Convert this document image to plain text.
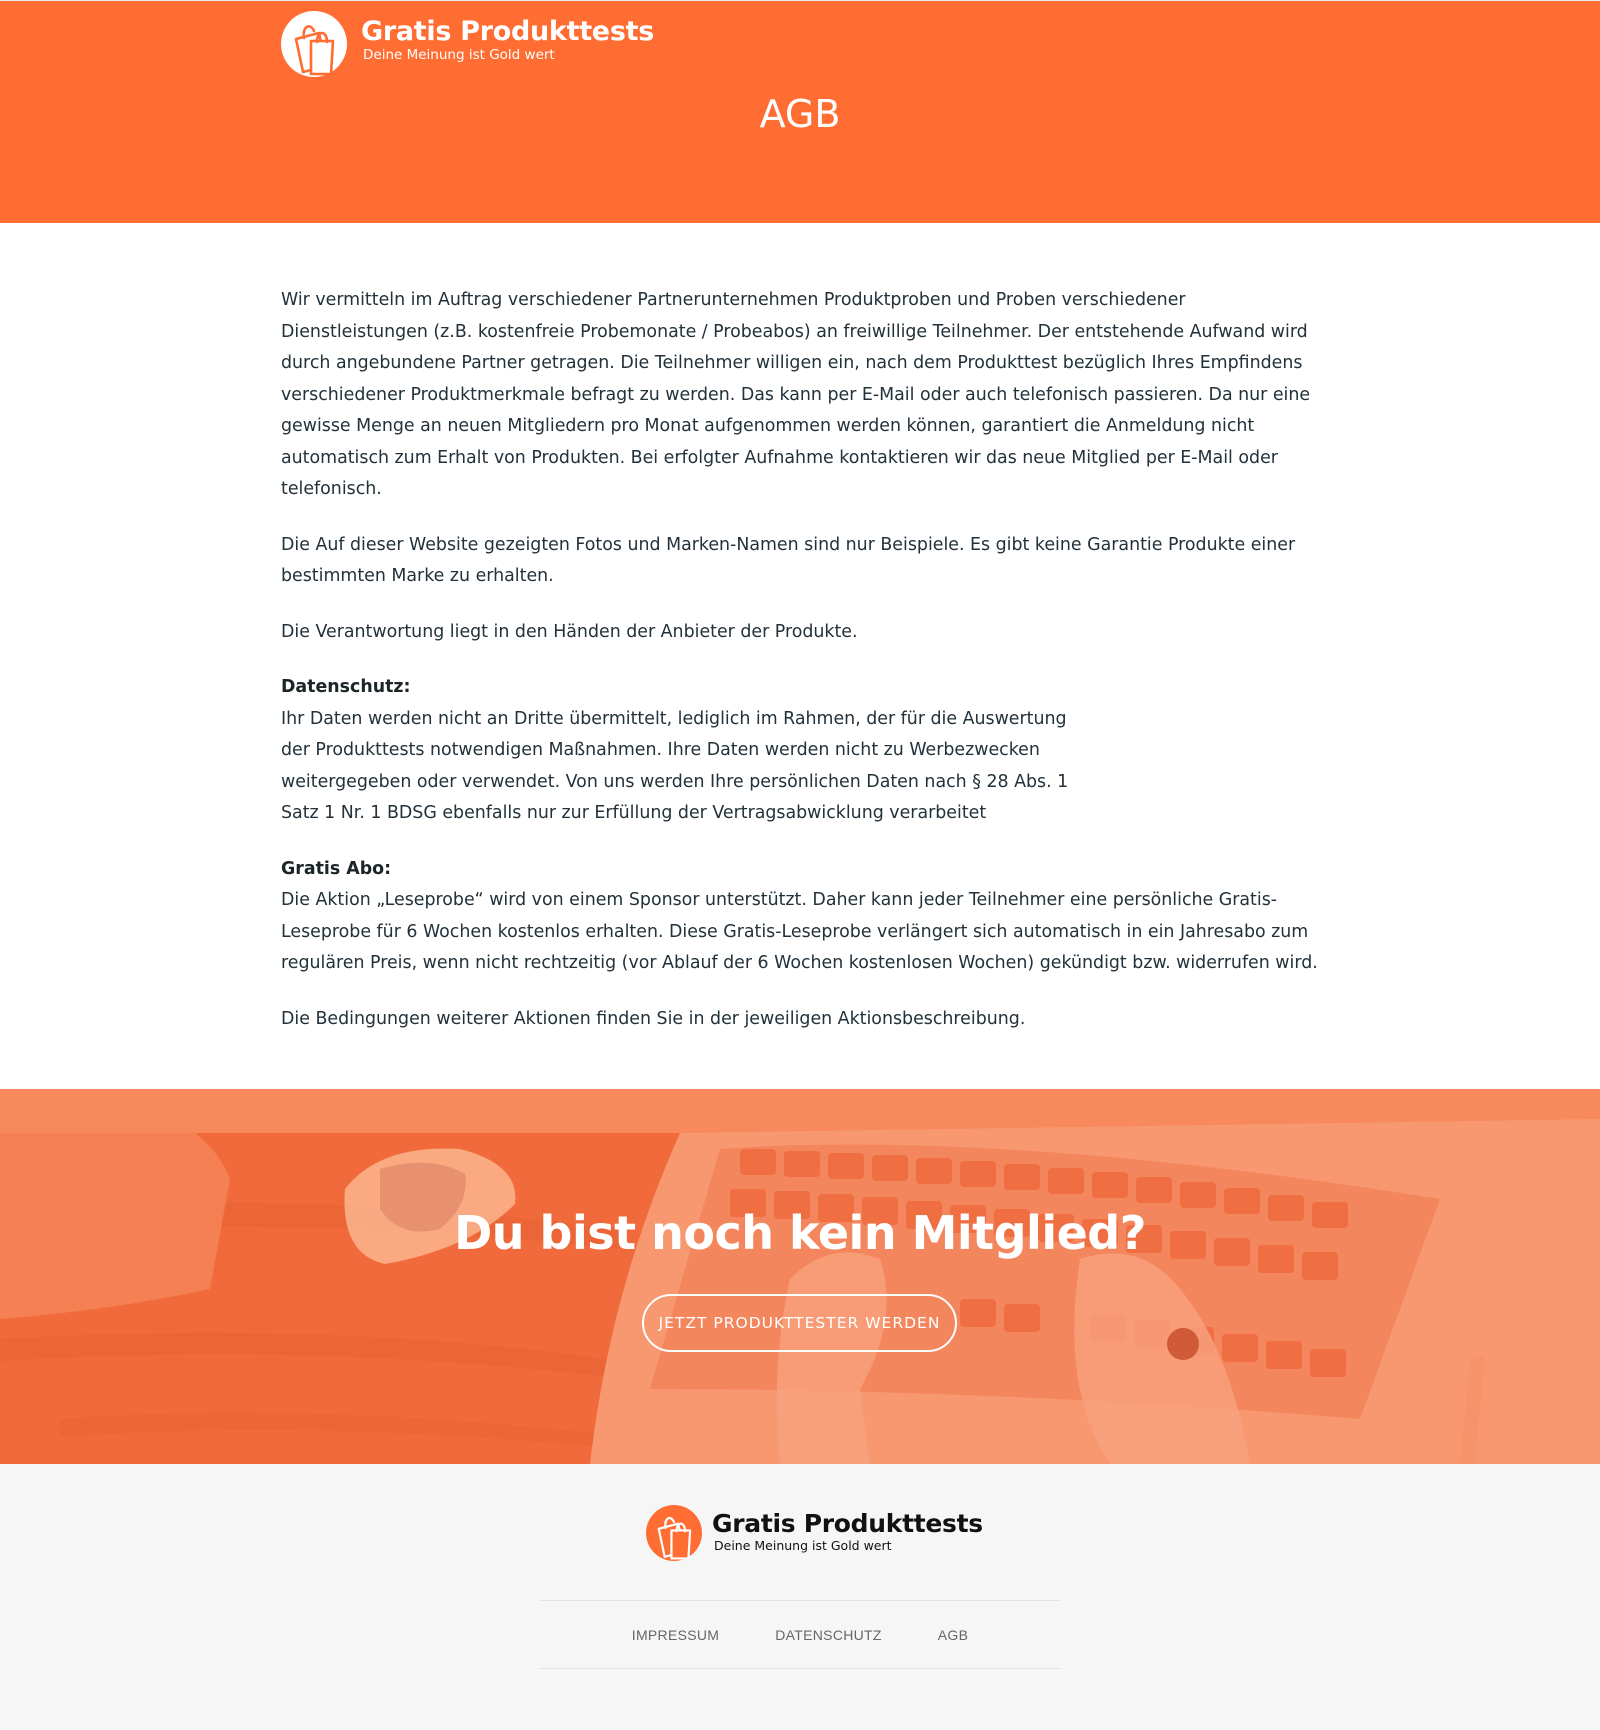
Gratis Produkttests
Deine Meinung ist Gold wert
AGB

Wir vermitteln im Auftrag verschiedener Partnerunternehmen Produktproben und Proben verschiedener Dienstleistungen (z.B. kostenfreie Probemonate / Probeabos) an freiwillige Teilnehmer. Der entstehende Aufwand wird durch angebundene Partner getragen. Die Teilnehmer willigen ein, nach dem Produkttest bezüglich Ihres Empfindens verschiedener Produktmerkmale befragt zu werden. Das kann per E-Mail oder auch telefonisch passieren. Da nur eine gewisse Menge an neuen Mitgliedern pro Monat aufgenommen werden können, garantiert die Anmeldung nicht automatisch zum Erhalt von Produkten. Bei erfolgter Aufnahme kontaktieren wir das neue Mitglied per E-Mail oder telefonisch.

Die Auf dieser Website gezeigten Fotos und Marken-Namen sind nur Beispiele. Es gibt keine Garantie Produkte einer bestimmten Marke zu erhalten.

Die Verantwortung liegt in den Händen der Anbieter der Produkte.

Datenschutz:
Ihr Daten werden nicht an Dritte übermittelt, lediglich im Rahmen, der für die Auswertung der Produkttests notwendigen Maßnahmen. Ihre Daten werden nicht zu Werbezwecken weitergegeben oder verwendet. Von uns werden Ihre persönlichen Daten nach § 28 Abs. 1 Satz 1 Nr. 1 BDSG ebenfalls nur zur Erfüllung der Vertragsabwicklung verarbeitet

Gratis Abo:
Die Aktion „Leseprobe“ wird von einem Sponsor unterstützt. Daher kann jeder Teilnehmer eine persönliche Gratis-Leseprobe für 6 Wochen kostenlos erhalten. Diese Gratis-Leseprobe verlängert sich automatisch in ein Jahresabo zum regulären Preis, wenn nicht rechtzeitig (vor Ablauf der 6 Wochen kostenlosen Wochen) gekündigt bzw. widerrufen wird.

Die Bedingungen weiterer Aktionen finden Sie in der jeweiligen Aktionsbeschreibung.

Du bist noch kein Mitglied?
JETZT PRODUKTTESTER WERDEN
Gratis Produkttests
Deine Meinung ist Gold wert
IMPRESSUM	DATENSCHUTZ	AGB
